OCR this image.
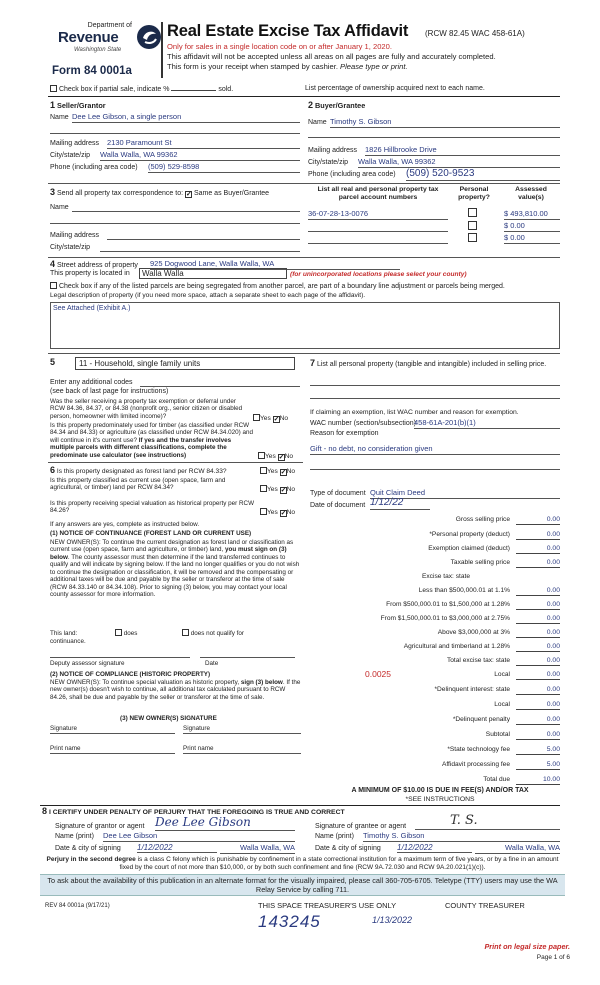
Department of
Revenue
Washington State
Form 84 0001a
Real Estate Excise Tax Affidavit (RCW 82.45 WAC 458-61A)
Only for sales in a single location code on or after January 1, 2020.
This affidavit will not be accepted unless all areas on all pages are fully and accurately completed.
This form is your receipt when stamped by cashier. Please type or print.
Check box if partial sale, indicate %	sold.	List percentage of ownership acquired next to each name.
1 Seller/Grantor
Name Dee Lee Gibson, a single person
Mailing address 2130 Paramount St
City/state/zip Walla Walla, WA 99362
Phone (including area code) (509) 529-8598
2 Buyer/Grantee
Name Timothy S. Gibson
Mailing address 1826 Hillbrooke Drive
City/state/zip Walla Walla, WA 99362
Phone (including area code) (509) 520-9523
3 Send all property tax correspondence to: ✓ Same as Buyer/Grantee
Name
Mailing address
City/state/zip
List all real and personal property tax parcel account numbers
Personal property?
Assessed value(s)
36-07-28-13-0076	$ 493,810.00
$ 0.00
$ 0.00
4 Street address of property 925 Dogwood Lane, Walla Walla, WA
This property is located in	Walla Walla	(for unincorporated locations please select your county)
Check box if any of the listed parcels are being segregated from another parcel, are part of a boundary line adjustment or parcels being merged.
Legal description of property (if you need more space, attach a separate sheet to each page of the affidavit).
See Attached (Exhibit A.)
5	11 - Household, single family units
Enter any additional codes
(see back of last page for instructions)
Was the seller receiving a property tax exemption or deferral under RCW 84.36, 84.37, or 84.38 (nonprofit org., senior citizen or disabled person, homeowner with limited income)?	Yes ✓No
Is this property predominately used for timber (as classified under RCW 84.34 and 84.33) or agriculture (as classified under RCW 84.34.020) and will continue in it's current use? If yes and the transfer involves multiple parcels with different classifications, complete the predominate use calculator (see instructions)	Yes ✓No
7 List all personal property (tangible and intangible) included in selling price.
If claiming an exemption, list WAC number and reason for exemption.
WAC number (section/subsection)
458-61A-201(b)(1)
Reason for exemption
Gift - no debt, no consideration given
Type of document Quit Claim Deed
Date of document 1/12/22
6 Is this property designated as forest land per RCW 84.33?	Yes ✓No
Is this property classified as current use (open space, farm and agricultural, or timber) land per RCW 84.34?	Yes ✓No
Is this property receiving special valuation as historical property per RCW 84.26?	Yes ✓No
If any answers are yes, complete as instructed below.
(1) NOTICE OF CONTINUANCE (FOREST LAND OR CURRENT USE)
NEW OWNER(S): To continue the current designation as forest land or classification as current use (open space, farm and agriculture, or timber) land, you must sign on (3) below. The county assessor must then determine if the land transferred continues to qualify and will indicate by signing below. If the land no longer qualifies or you do not wish to continue the designation or classification, it will be removed and the compensating or additional taxes will be due and payable by the seller or transferor at the time of sale (RCW 84.33.140 or 84.34.108). Prior to signing (3) below, you may contact your local county assessor for more information.
This land:	does	does not qualify for
continuance.
Deputy assessor signature	Date
(2) NOTICE OF COMPLIANCE (HISTORIC PROPERTY)
NEW OWNER(S): To continue special valuation as historic property, sign (3) below. If the new owner(s) doesn't wish to continue, all additional tax calculated pursuant to RCW 84.26, shall be due and payable by the seller or transferor at the time of sale.
(3) NEW OWNER(S) SIGNATURE
Signature	Signature
Print name	Print name
Gross selling price	0.00
*Personal property (deduct)	0.00
Exemption claimed (deduct)	0.00
Taxable selling price	0.00
Excise tax: state
Less than $500,000.01 at 1.1%	0.00
From $500,000.01 to $1,500,000 at 1.28%	0.00
From $1,500,000.01 to $3,000,000 at 2.75%	0.00
Above $3,000,000 at 3%	0.00
Agricultural and timberland at 1.28%	0.00
Total excise tax: state	0.00
0.0025	Local	0.00
*Delinquent interest: state	0.00
Local	0.00
*Delinquent penalty	0.00
Subtotal	0.00
*State technology fee	5.00
Affidavit processing fee	5.00
Total due	10.00
A MINIMUM OF $10.00 IS DUE IN FEE(S) AND/OR TAX
*SEE INSTRUCTIONS
8 I CERTIFY UNDER PENALTY OF PERJURY THAT THE FOREGOING IS TRUE AND CORRECT
Signature of grantor or agent Dee Lee Gibson
Name (print) Dee Lee Gibson
Date & city of signing 1/12/2022	Walla Walla, WA
Signature of grantee or agent	T. S.
Name (print) Timothy S. Gibson
Date & city of signing 1/12/2022	Walla Walla, WA
Perjury in the second degree is a class C felony which is punishable by confinement in a state correctional institution for a maximum term of five years, or by a fine in an amount fixed by the court of not more than $10,000, or by both such confinement and fine (RCW 9A.72.030 and RCW 9A.20.021(1)(c)).
To ask about the availability of this publication in an alternate format for the visually impaired, please call 360-705-6705. Teletype (TTY) users may use the WA Relay Service by calling 711.
REV 84 0001a (9/17/21)	THIS SPACE TREASURER'S USE ONLY	COUNTY TREASURER
143245	1/13/2022
Print on legal size paper.
Page 1 of 6
